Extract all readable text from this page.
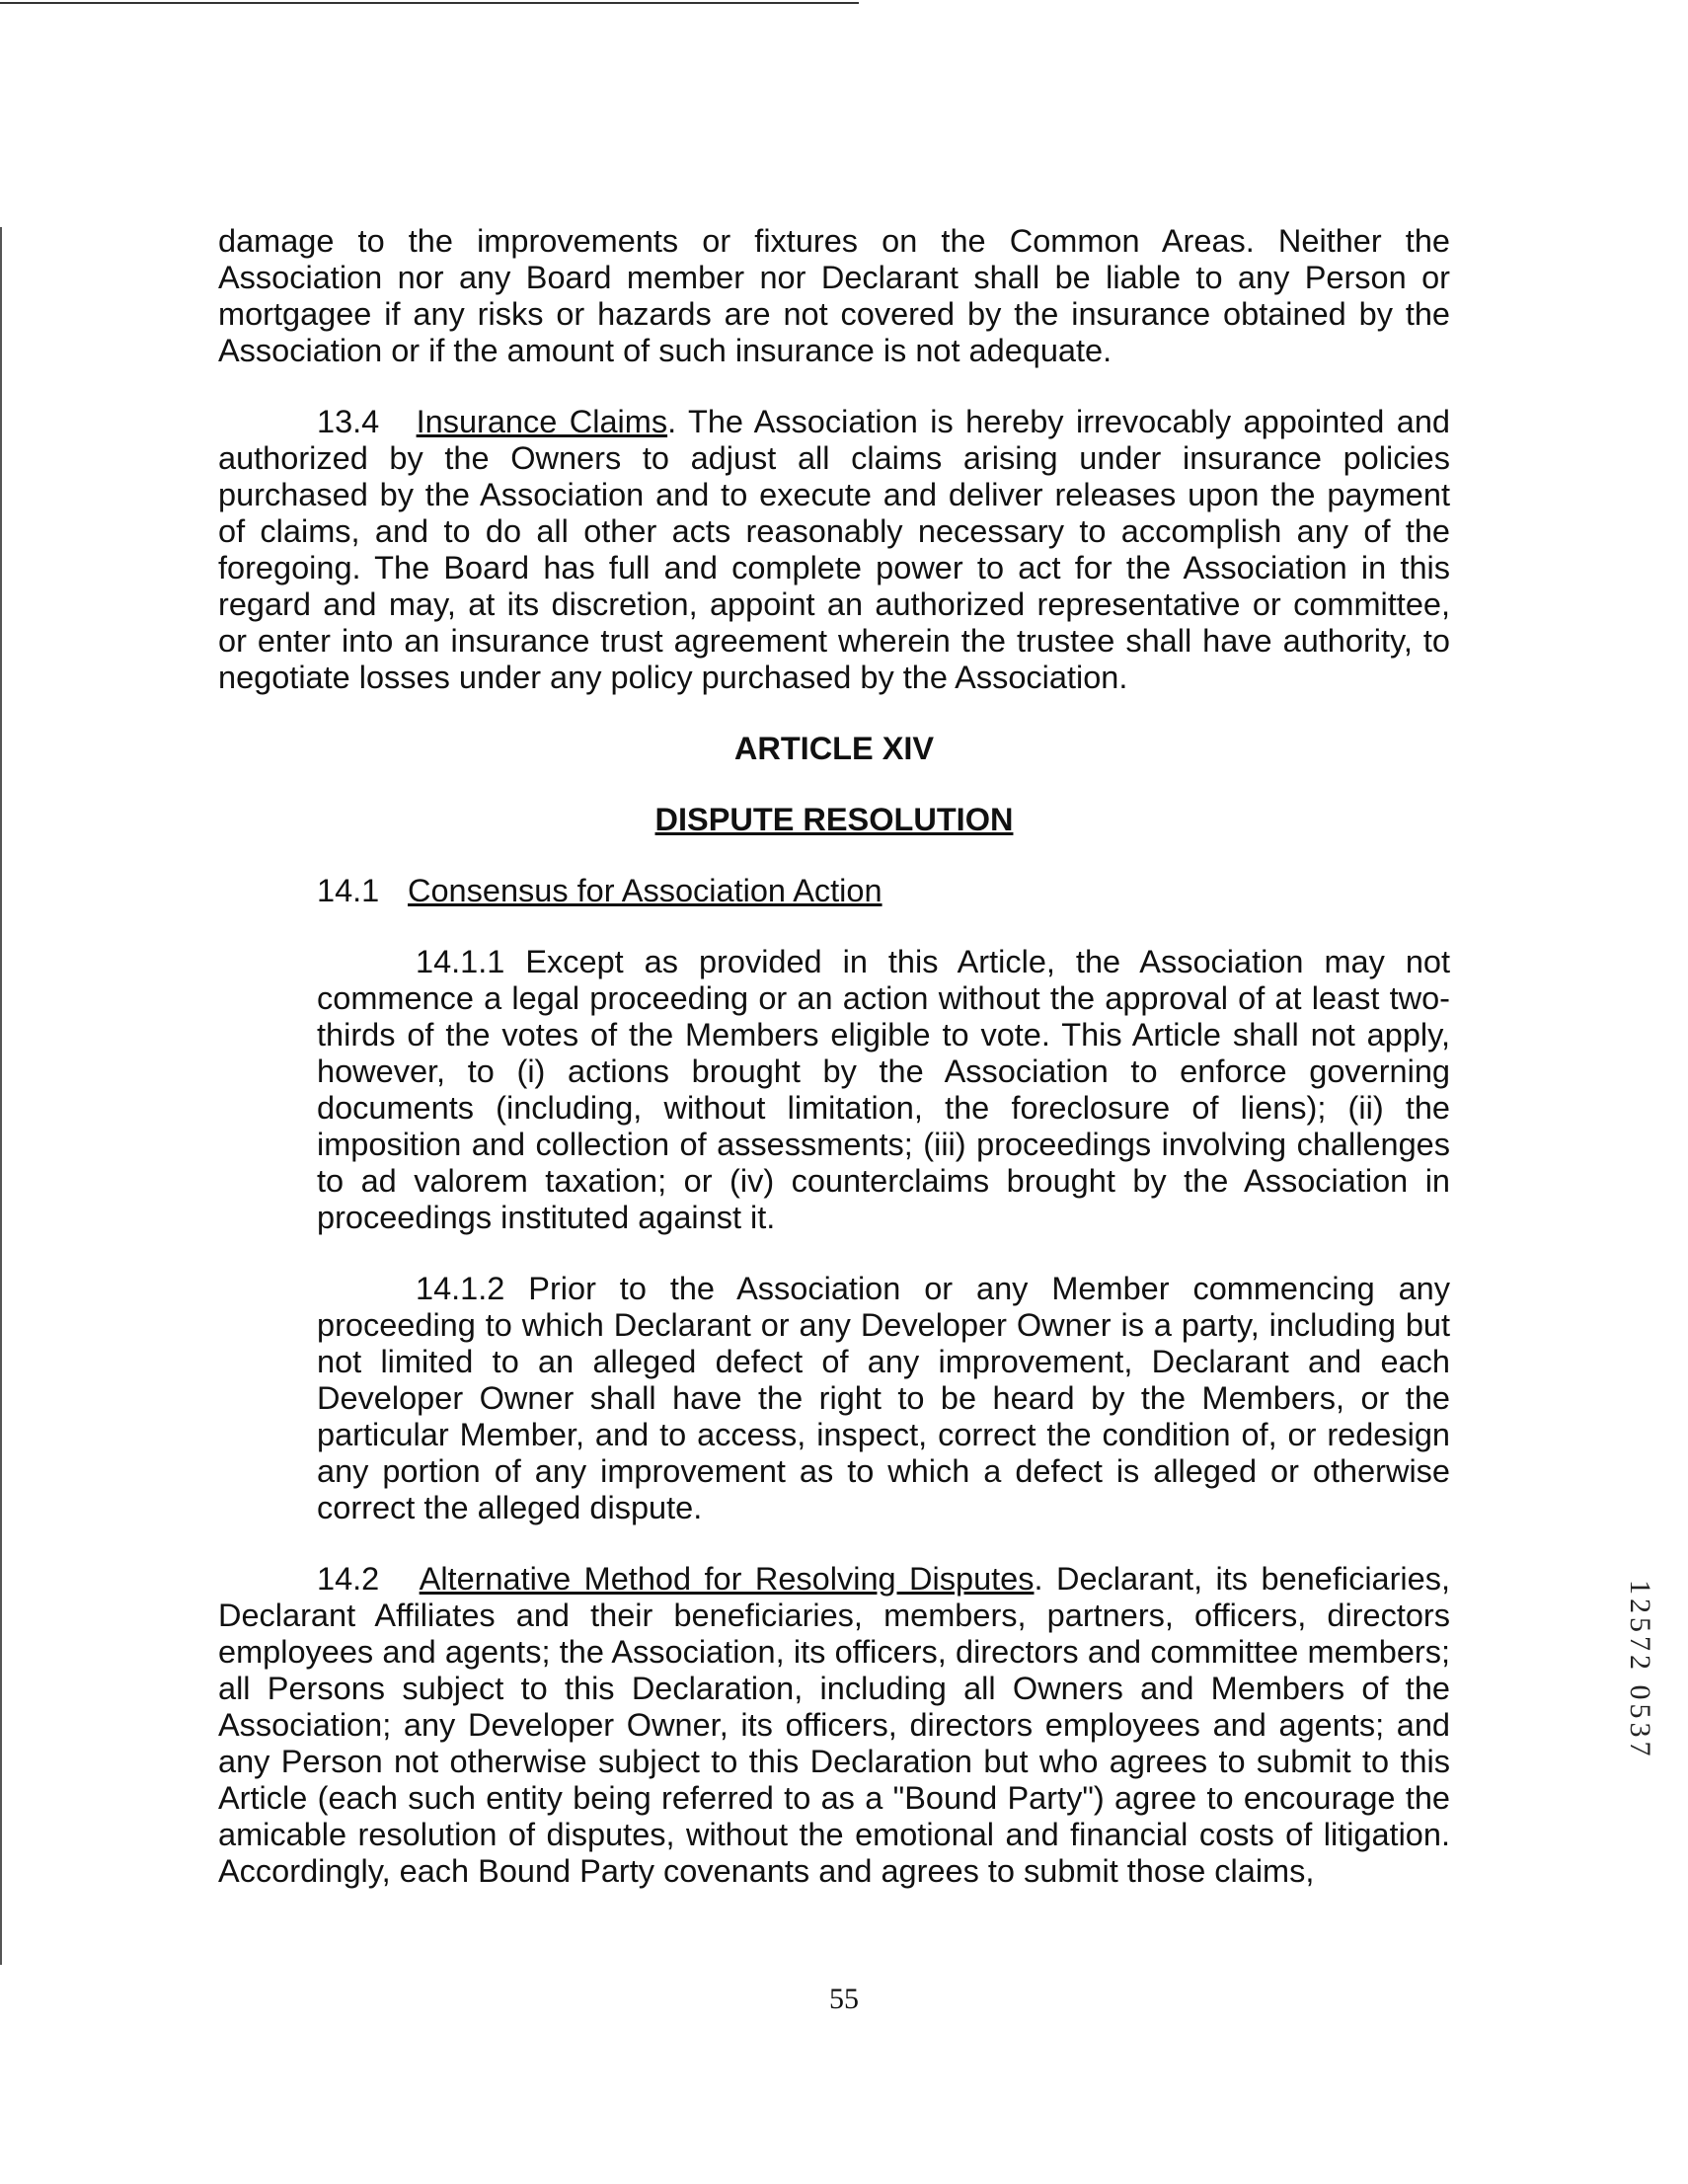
damage to the improvements or fixtures on the Common Areas. Neither the Association nor any Board member nor Declarant shall be liable to any Person or mortgagee if any risks or hazards are not covered by the insurance obtained by the Association or if the amount of such insurance is not adequate.

13.4 Insurance Claims. The Association is hereby irrevocably appointed and authorized by the Owners to adjust all claims arising under insurance policies purchased by the Association and to execute and deliver releases upon the payment of claims, and to do all other acts reasonably necessary to accomplish any of the foregoing. The Board has full and complete power to act for the Association in this regard and may, at its discretion, appoint an authorized representative or committee, or enter into an insurance trust agreement wherein the trustee shall have authority, to negotiate losses under any policy purchased by the Association.

ARTICLE XIV
DISPUTE RESOLUTION
14.1 Consensus for Association Action

14.1.1 Except as provided in this Article, the Association may not commence a legal proceeding or an action without the approval of at least two-thirds of the votes of the Members eligible to vote. This Article shall not apply, however, to (i) actions brought by the Association to enforce governing documents (including, without limitation, the foreclosure of liens); (ii) the imposition and collection of assessments; (iii) proceedings involving challenges to ad valorem taxation; or (iv) counterclaims brought by the Association in proceedings instituted against it.

14.1.2 Prior to the Association or any Member commencing any proceeding to which Declarant or any Developer Owner is a party, including but not limited to an alleged defect of any improvement, Declarant and each Developer Owner shall have the right to be heard by the Members, or the particular Member, and to access, inspect, correct the condition of, or redesign any portion of any improvement as to which a defect is alleged or otherwise correct the alleged dispute.

14.2 Alternative Method for Resolving Disputes. Declarant, its beneficiaries, Declarant Affiliates and their beneficiaries, members, partners, officers, directors employees and agents; the Association, its officers, directors and committee members; all Persons subject to this Declaration, including all Owners and Members of the Association; any Developer Owner, its officers, directors employees and agents; and any Person not otherwise subject to this Declaration but who agrees to submit to this Article (each such entity being referred to as a "Bound Party") agree to encourage the amicable resolution of disputes, without the emotional and financial costs of litigation. Accordingly, each Bound Party covenants and agrees to submit those claims,

55
12572 0537
